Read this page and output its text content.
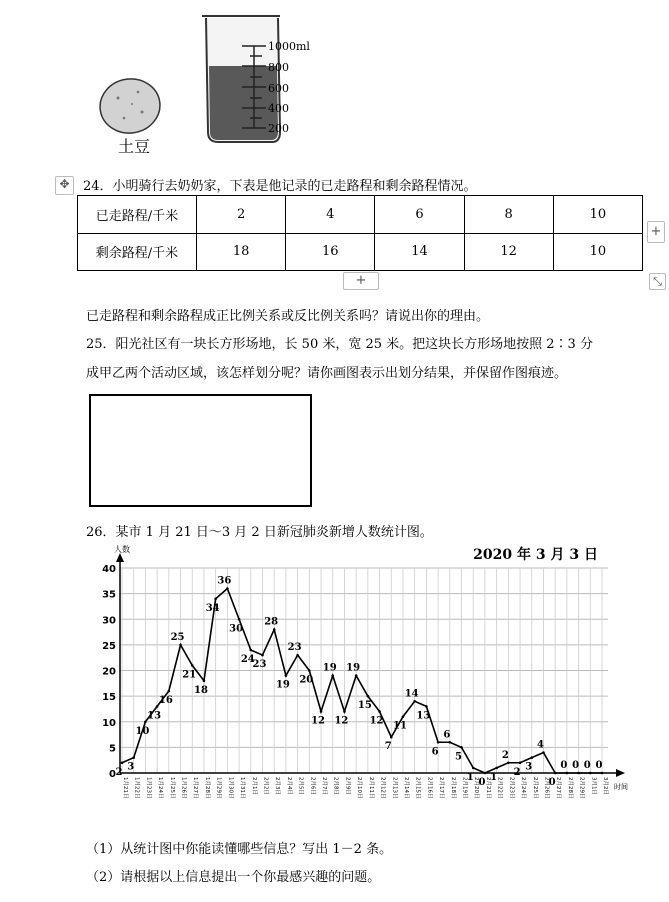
1000ml
800
600
400
200
土豆
✥	24．小明骑行去奶奶家，下表是他记录的已走路程和剩余路程情况。
已走路程/千米	2	4	6	8	10
剩余路程/千米	18	16	14	12	10
+
+	⤡
已走路程和剩余路程成正比例关系或反比例关系吗？请说出你的理由。
25．阳光社区有一块长方形场地，长 50 米，宽 25 米。把这块长方形场地按照 2∶3 分
成甲乙两个活动区域，该怎样划分呢？请你画图表示出划分结果，并保留作图痕迹。
26．某市 1 月 21 日～3 月 2 日新冠肺炎新增人数统计图。
0
5
10
15
20
25
30
35
40
人数
时间
2020 年 3 月 3 日
1月21日	1月22日	1月23日	1月24日	1月25日	1月26日	1月27日	1月28日	1月29日	1月30日	1月31日	2月1日	2月2日	2月3日	2月4日	2月5日	2月6日	2月7日	2月8日	2月9日	2月10日	2月11日	2月12日	2月13日	2月14日	2月15日	2月16日	2月17日	2月18日	2月19日	2月20日	2月21日	2月22日	2月23日	2月24日	2月25日	2月26日	2月27日	2月28日	2月29日	3月1日	3月2日
2 3
10
13
16
25
21
18
34
36
30
24
23
28
19
23
20
12
19
12
19
15
12
7
11
14
13
6
6
5
1 0 1
2
2 3
4
0
0 0 0 0
（1）从统计图中你能读懂哪些信息？写出 1－2 条。
（2）请根据以上信息提出一个你最感兴趣的问题。
